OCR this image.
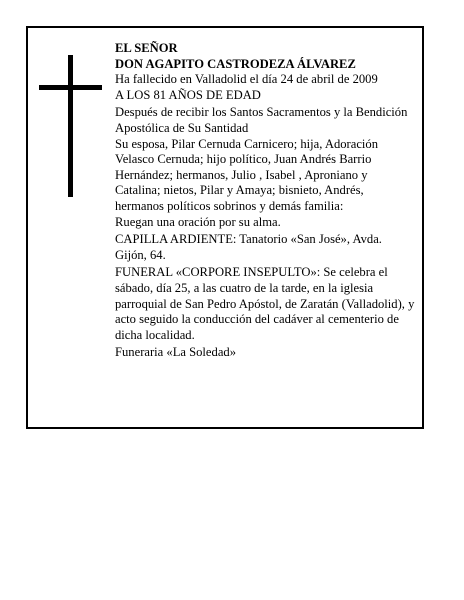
EL SEÑOR

DON AGAPITO CASTRODEZA ÁLVAREZ

Ha fallecido en Valladolid el día 24 de abril de 2009

A LOS 81 AÑOS DE EDAD

Después de recibir los Santos Sacramentos y la Bendición Apostólica de Su Santidad

Su esposa, Pilar Cernuda Carnicero; hija, Adoración Velasco Cernuda; hijo político, Juan Andrés Barrio Hernández; hermanos, Julio , Isabel , Aproniano y Catalina; nietos, Pilar y Amaya; bisnieto, Andrés, hermanos políticos sobrinos y demás familia:

Ruegan una oración por su alma.

CAPILLA ARDIENTE: Tanatorio «San José», Avda. Gijón, 64.

FUNERAL «CORPORE INSEPULTO»: Se celebra el sábado, día 25, a las cuatro de la tarde, en la iglesia parroquial de San Pedro Apóstol, de Zaratán (Valladolid), y acto seguido la conducción del cadáver al cementerio de dicha localidad.

Funeraria «La Soledad»
